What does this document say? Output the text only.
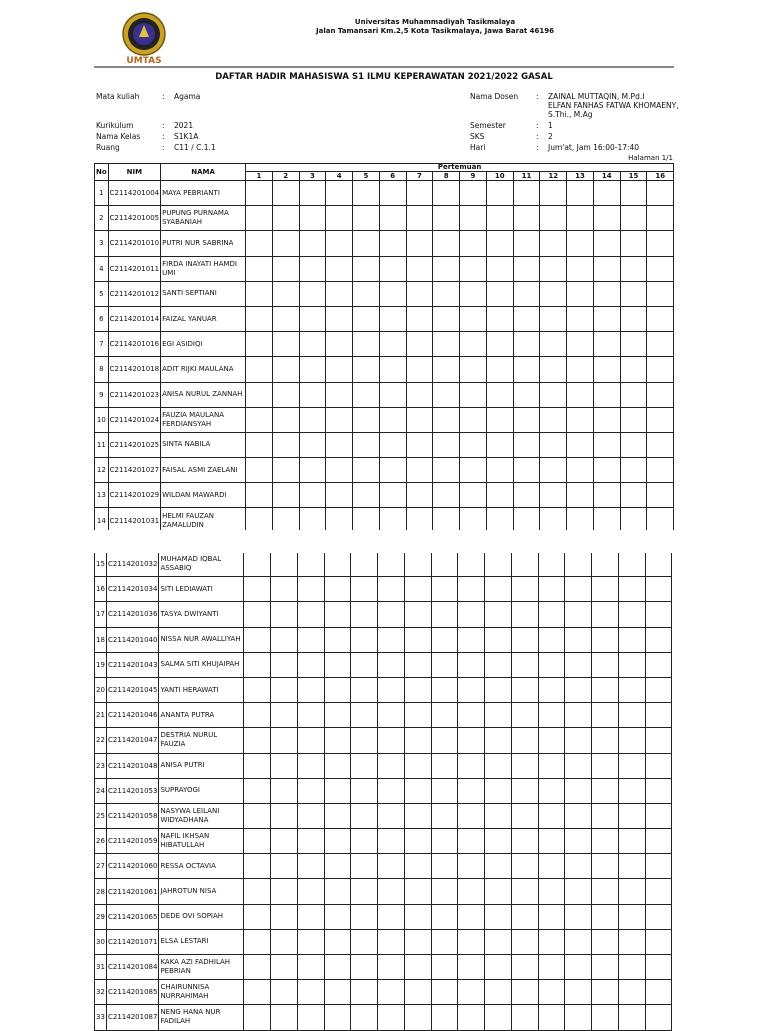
UMTAS
Universitas Muhammadiyah Tasikmalaya
Jalan Tamansari Km.2,5 Kota Tasikmalaya, Jawa Barat 46196
DAFTAR HADIR MAHASISWA S1 ILMU KEPERAWATAN 2021/2022 GASAL
Mata kuliah	: Agama
Kurikulum	: 2021
Nama Kelas	: S1K1A
Ruang	: C11 / C.1.1
Nama Dosen : ZAINAL MUTTAQIN, M.Pd.I
ELFAN FANHAS FATWA KHOMAENY,
S.Thi., M.Ag
Semester	: 1
SKS	: 2
Hari	: Jum'at, Jam 16:00-17:40
Halaman 1/1
No	NIM	NAMA	Pertemuan															
			1	2	3	4	5	6	7	8	9	10	11	12	13	14	15	16
1	C2114201004	MAYA PEBRIANTI																
2	C2114201005	PUPUNG PURNAMA SYABANIAH																
3	C2114201010	PUTRI NUR SABRINA																
4	C2114201011	FIRDA INAYATI HAMDI UMI																
5	C2114201012	SANTI SEPTIANI																
6	C2114201014	FAIZAL YANUAR																
7	C2114201016	EGI ASIDIQI																
8	C2114201018	ADIT RIJKI MAULANA																
9	C2114201023	ANISA NURUL ZANNAH																
10	C2114201024	FAUZIA MAULANA FERDIANSYAH																
11	C2114201025	SINTA NABILA																
12	C2114201027	FAISAL ASMI ZAELANI																
13	C2114201029	WILDAN MAWARDI																
14	C2114201031	HELMI FAUZAN ZAMALUDIN																
15	C2114201032	MUHAMAD IQBAL ASSABIQ																
16	C2114201034	SITI LEDIAWATI																
17	C2114201036	TASYA DWIYANTI																
18	C2114201040	NISSA NUR AWALLIYAH																
19	C2114201043	SALMA SITI KHUJAIPAH																
20	C2114201045	YANTI HERAWATI																
21	C2114201046	ANANTA PUTRA																
22	C2114201047	DESTRIA NURUL FAUZIA																
23	C2114201048	ANISA PUTRI																
24	C2114201053	SUPRAYOGI																
25	C2114201058	NASYWA LEILANI WIDYADHANA																
26	C2114201059	NAFIL IKHSAN HIBATULLAH																
27	C2114201060	RESSA OCTAVIA																
28	C2114201061	JAHROTUN NISA																
29	C2114201065	DEDE OVI SOPIAH																
30	C2114201071	ELSA LESTARI																
31	C2114201084	KAKA AZI FADHILAH PEBRIAN																
32	C2114201085	CHAIRUNNISA NURRAHIMAH																
33	C2114201087	NENG HANA NUR FADILAH																
